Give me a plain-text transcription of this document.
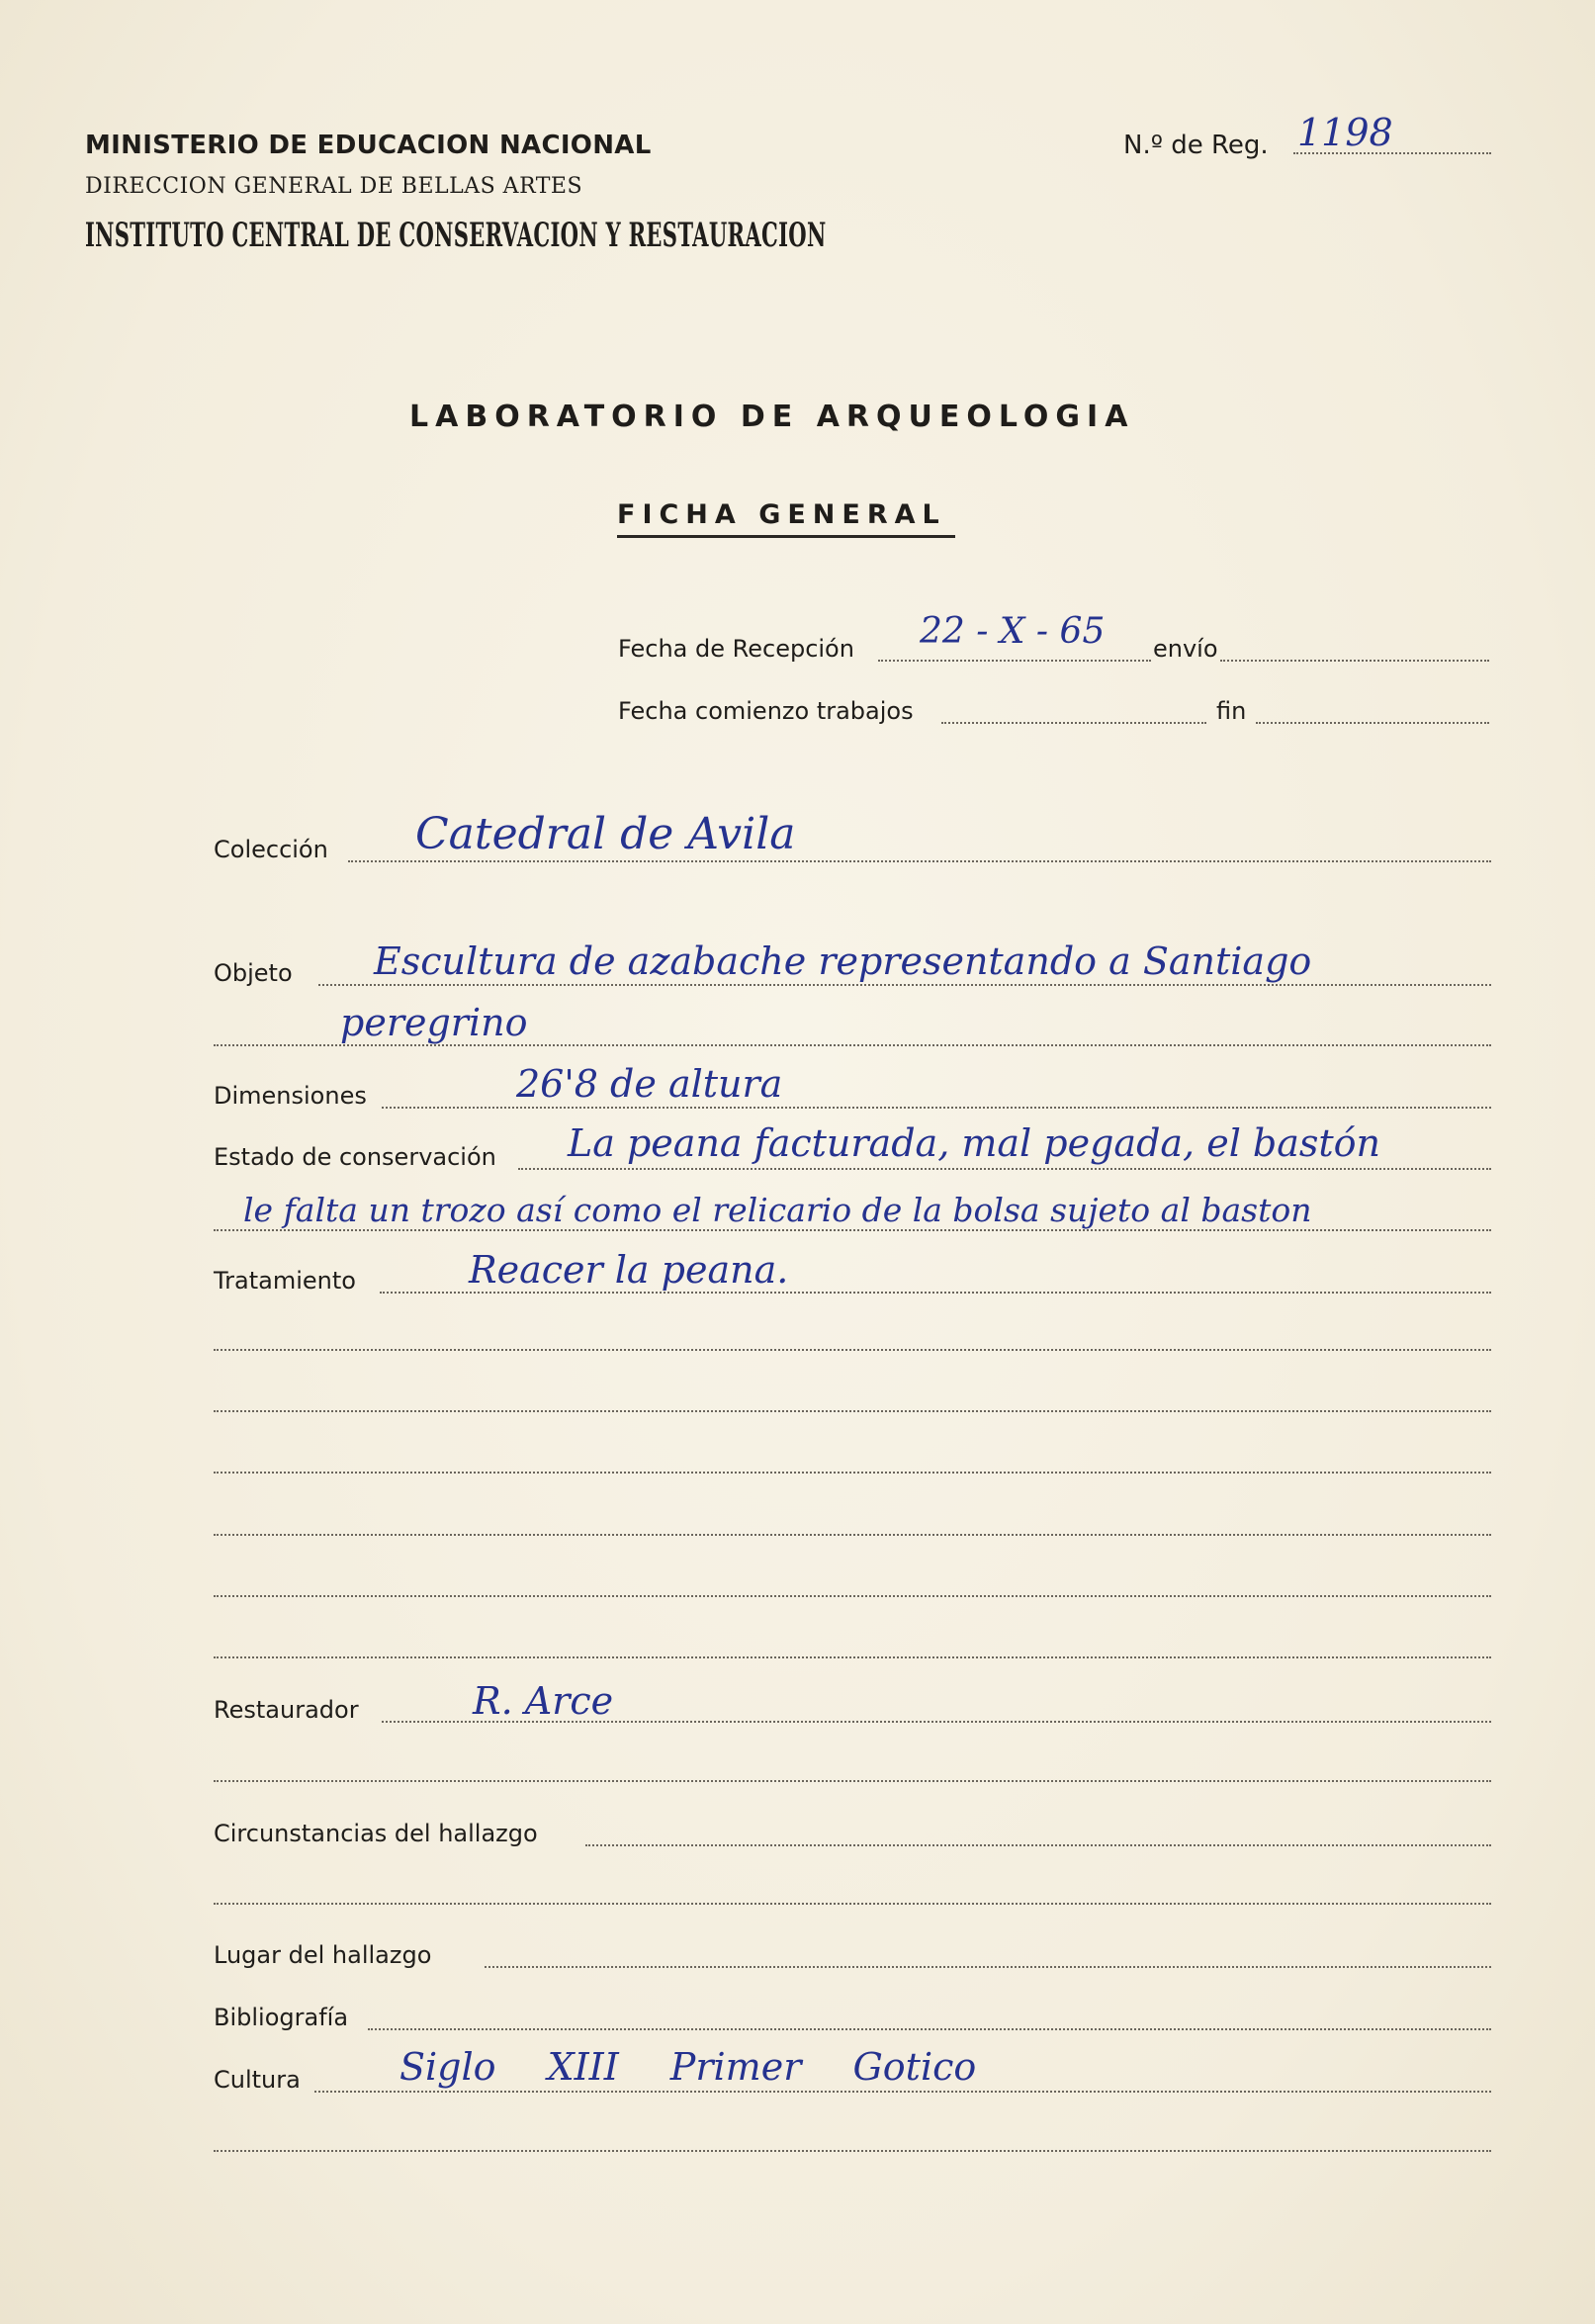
MINISTERIO DE EDUCACION NACIONAL
DIRECCION GENERAL DE BELLAS ARTES
INSTITUTO CENTRAL DE CONSERVACION Y RESTAURACION
N.º de Reg. 1198
LABORATORIO DE ARQUEOLOGIA
FICHA GENERAL
Fecha de Recepción 22 - X - 65 envío
Fecha comienzo trabajos	fin
Colección Catedral de Avila
Objeto Escultura de azabache representando a Santiago
peregrino
Dimensiones	26'8 de altura
Estado de conservación La peana facturada, mal pegada, el bastón
le falta un trozo así como el relicario de la bolsa sujeto al baston
Tratamiento	Reacer la peana.
Restaurador	R. Arce
Circunstancias del hallazgo
Lugar del hallazgo
Bibliografía
Cultura	Siglo XIII Primer Gotico
